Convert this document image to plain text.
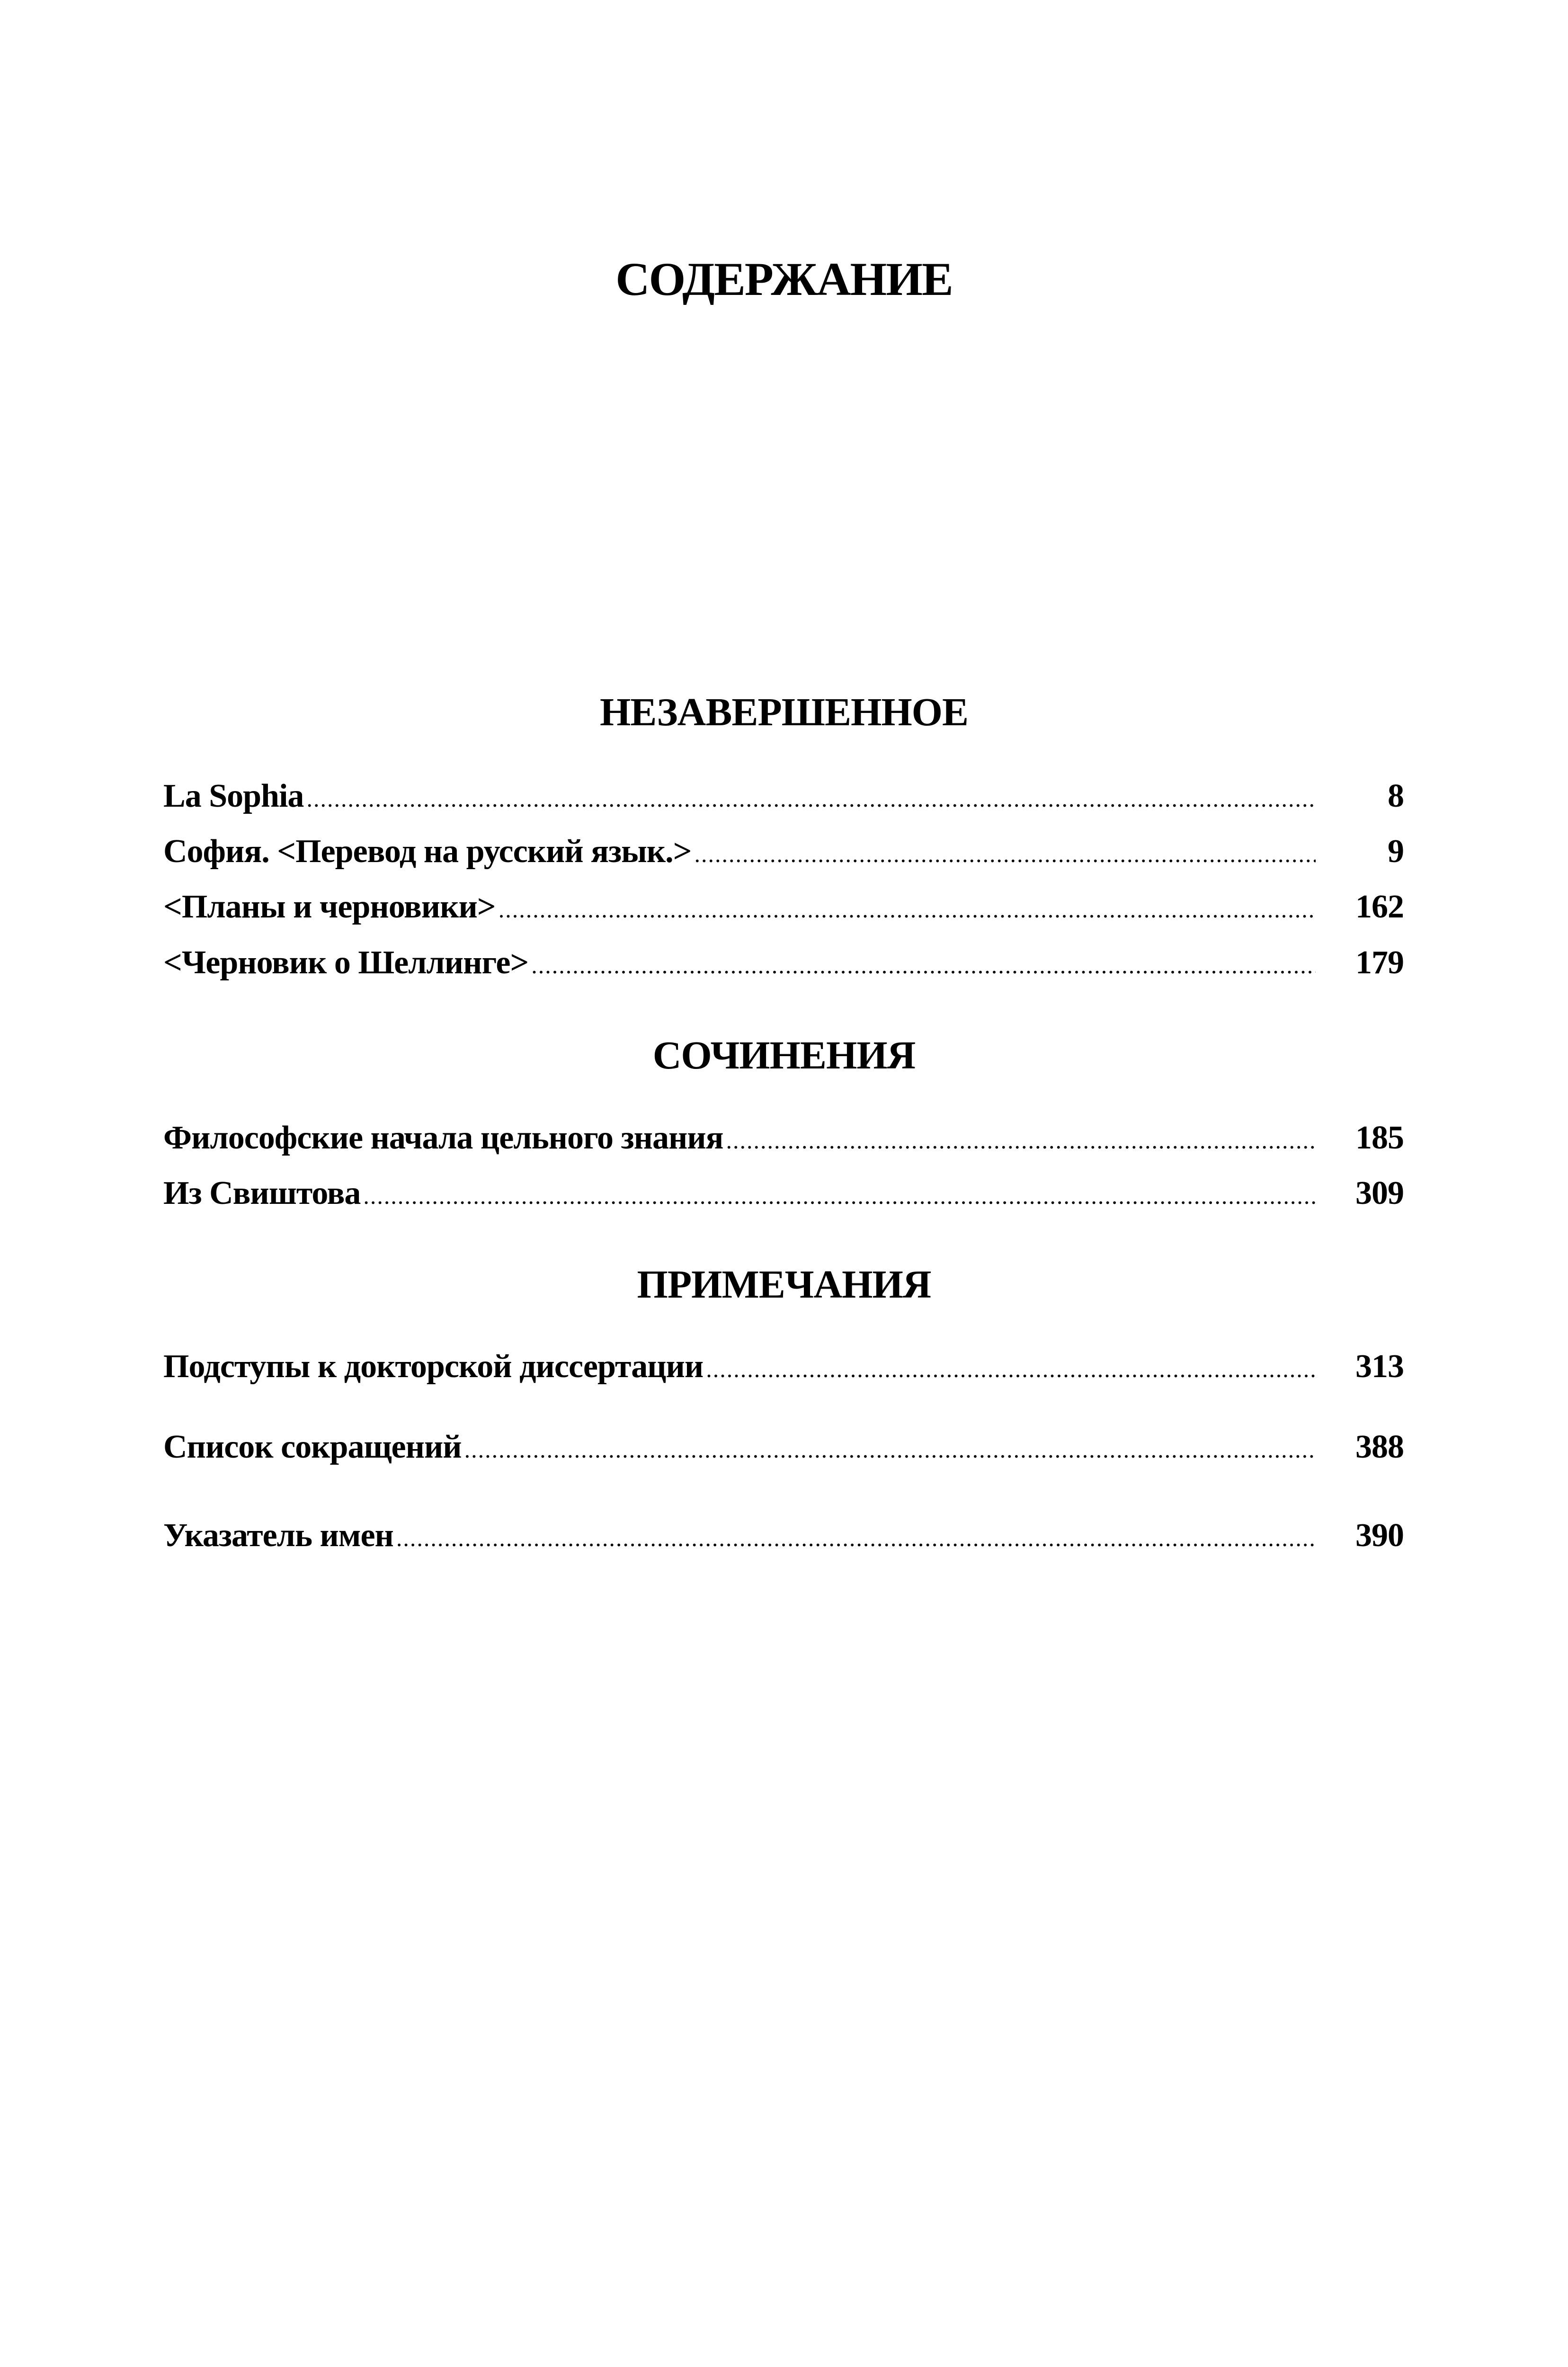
СОДЕРЖАНИЕ
НЕЗАВЕРШЕННОЕ
La Sophia .....	8
София. <Перевод на русский язык.> .....	9
<Планы и черновики> .....	162
<Черновик о Шеллинге> .....	179
СОЧИНЕНИЯ
Философские начала цельного знания .....	185
Из Свиштова .....	309
ПРИМЕЧАНИЯ
Подступы к докторской диссертации .....	313
Список сокращений .....	388
Указатель имен .....	390
